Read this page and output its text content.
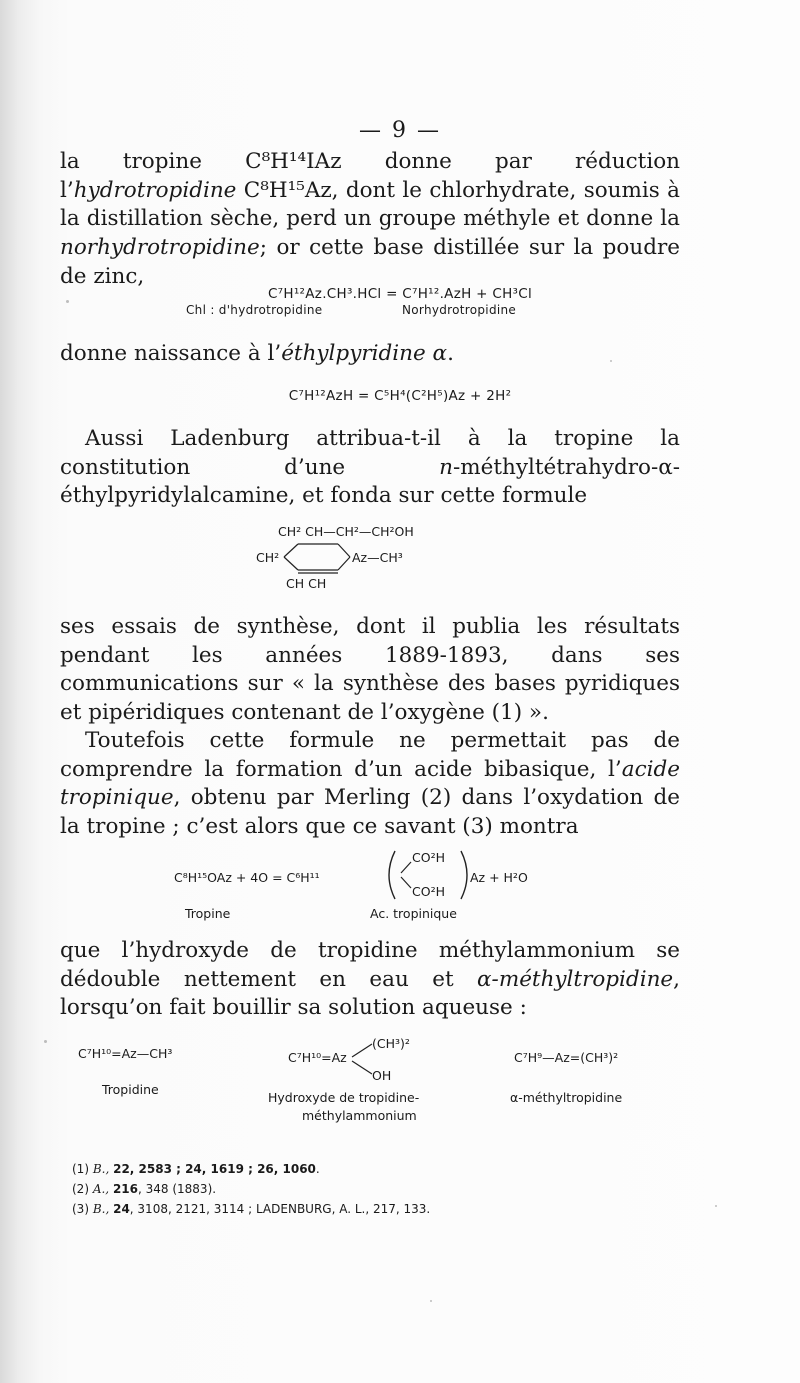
— 9 —
la tropine C⁸H¹⁴IAz donne par réduction l’hydrotropidine C⁸H¹⁵Az, dont le chlorhydrate, soumis à la distillation sèche, perd un groupe méthyle et donne la norhydrotropidine; or cette base distillée sur la poudre de zinc,
C⁷H¹²Az.CH³.HCl = C⁷H¹².AzH + CH³Cl
Chl : d'hydrotropidine	Norhydrotropidine
donne naissance à l’éthylpyridine α.
C⁷H¹²AzH = C⁵H⁴(C²H⁵)Az + 2H²
Aussi Ladenburg attribua-t-il à la tropine la constitution d’une n-méthyltétrahydro-α-éthylpyridylalcamine, et fonda sur cette formule
CH² CH—CH²—CH²OH
CH²	Az—CH³
CH CH
ses essais de synthèse, dont il publia les résultats pendant les années 1889-1893, dans ses communications sur « la synthèse des bases pyridiques et pipéridiques contenant de l’oxygène (1) ».
Toutefois cette formule ne permettait pas de comprendre la formation d’un acide bibasique, l’acide tropinique, obtenu par Merling (2) dans l’oxydation de la tropine ; c’est alors que ce savant (3) montra
C⁸H¹⁵OAz + 4O = C⁶H¹¹
CO²H
CO²H
Az + H²O
Tropine	Ac. tropinique
que l’hydroxyde de tropidine méthylammonium se dédouble nettement en eau et α-méthyltropidine, lorsqu’on fait bouillir sa solution aqueuse :
C⁷H¹⁰=Az—CH³
Tropidine
C⁷H¹⁰=Az
(CH³)²
OH
Hydroxyde de tropidine-
méthylammonium
C⁷H⁹—Az=(CH³)²
α-méthyltropidine
(1) B., 22, 2583 ; 24, 1619 ; 26, 1060.
(2) A., 216, 348 (1883).
(3) B., 24, 3108, 2121, 3114 ; LADENBURG, A. L., 217, 133.
